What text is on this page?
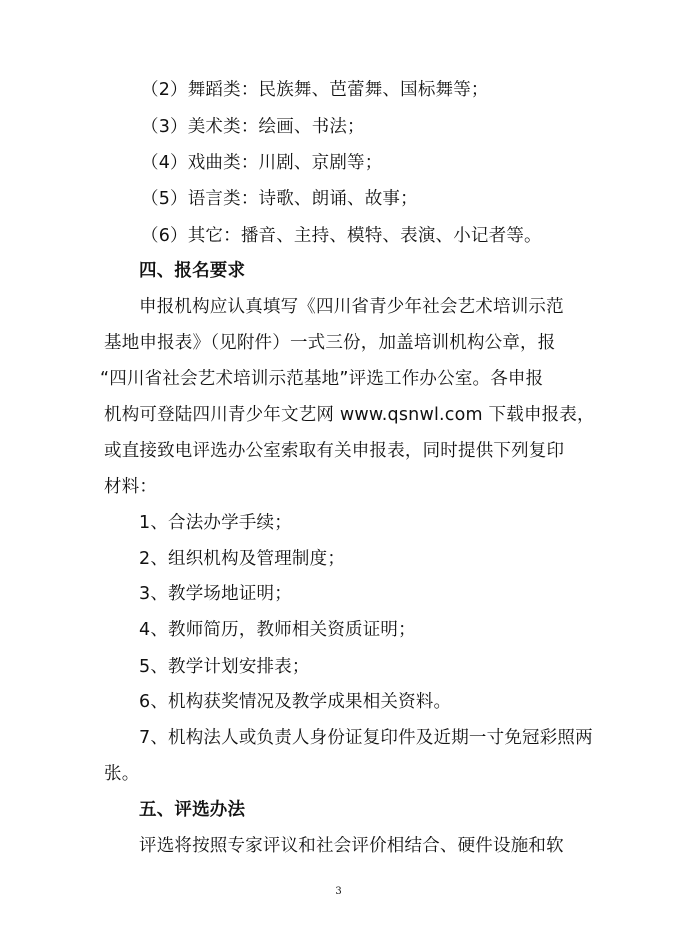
（2）舞蹈类：民族舞、芭蕾舞、国标舞等；
（3）美术类：绘画、书法；
（4）戏曲类：川剧、京剧等；
（5）语言类：诗歌、朗诵、故事；
（6）其它：播音、主持、模特、表演、小记者等。
四、报名要求
申报机构应认真填写《四川省青少年社会艺术培训示范
基地申报表》（见附件）一式三份，加盖培训机构公章，报
“四川省社会艺术培训示范基地”评选工作办公室。各申报
机构可登陆四川青少年文艺网 www.qsnwl.com 下载申报表，
或直接致电评选办公室索取有关申报表，同时提供下列复印
材料：
1、合法办学手续；
2、组织机构及管理制度；
3、教学场地证明；
4、教师简历，教师相关资质证明；
5、教学计划安排表；
6、机构获奖情况及教学成果相关资料。
7、机构法人或负责人身份证复印件及近期一寸免冠彩照两
张。
五、评选办法
评选将按照专家评议和社会评价相结合、硬件设施和软
3
